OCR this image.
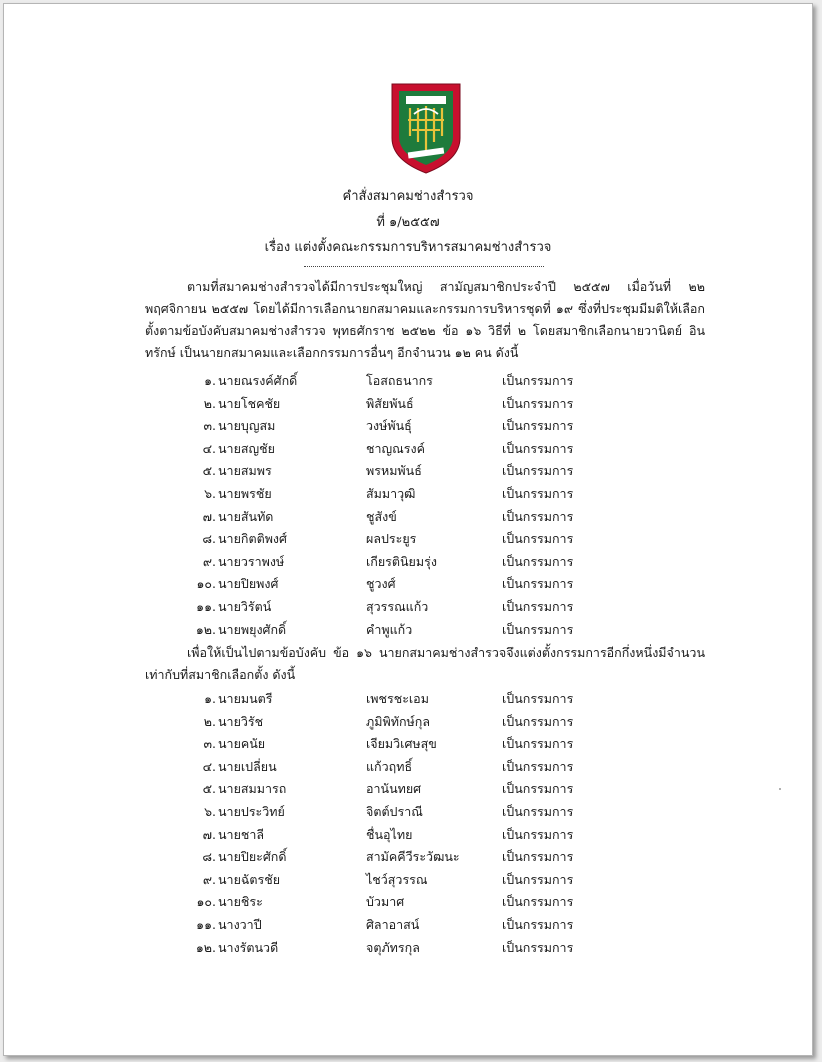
คำสั่งสมาคมช่างสำรวจ
ที่ ๑/๒๕๕๗
เรื่อง แต่งตั้งคณะกรรมการบริหารสมาคมช่างสำรวจ

ตามที่สมาคมช่างสำรวจได้มีการประชุมใหญ่ สามัญสมาชิกประจำปี ๒๕๕๗ เมื่อวันที่ ๒๒ พฤศจิกายน ๒๕๕๗ โดยได้มีการเลือกนายกสมาคมและกรรมการบริหารชุดที่ ๑๙ ซึ่งที่ประชุมมีมติให้เลือกตั้งตามข้อบังคับสมาคมช่างสำรวจ พุทธศักราช ๒๕๒๒ ข้อ ๑๖ วิธีที่ ๒ โดยสมาชิกเลือกนายวานิตย์ อินทรักษ์ เป็นนายกสมาคมและเลือกกรรมการอื่นๆ อีกจำนวน ๑๒ คน ดังนี้

๑. นายณรงค์ศักดิ์	โอสถธนากร	เป็นกรรมการ
๒. นายโชคชัย	พิสัยพันธ์	เป็นกรรมการ
๓. นายบุญสม	วงษ์พันธุ์	เป็นกรรมการ
๔. นายสญชัย	ชาญณรงค์	เป็นกรรมการ
๕. นายสมพร	พรหมพันธ์	เป็นกรรมการ
๖. นายพรชัย	สัมมาวุฒิ	เป็นกรรมการ
๗. นายสันทัด	ชูสังข์	เป็นกรรมการ
๘. นายกิตติพงศ์	ผลประยูร	เป็นกรรมการ
๙. นายวราพงษ์	เกียรตินิยมรุ่ง	เป็นกรรมการ
๑๐. นายปิยพงศ์	ชูวงศ์	เป็นกรรมการ
๑๑. นายวิรัตน์	สุวรรณแก้ว	เป็นกรรมการ
๑๒. นายพยุงศักดิ์	คำพูแก้ว	เป็นกรรมการ

เพื่อให้เป็นไปตามข้อบังคับ ข้อ ๑๖ นายกสมาคมช่างสำรวจจึงแต่งตั้งกรรมการอีกกึ่งหนึ่งมีจำนวนเท่ากับที่สมาชิกเลือกตั้ง ดังนี้

๑. นายมนตรี	เพชรชะเอม	เป็นกรรมการ
๒. นายวิรัช	ภูมิพิทักษ์กุล	เป็นกรรมการ
๓. นายคนัย	เจียมวิเศษสุข	เป็นกรรมการ
๔. นายเปลี่ยน	แก้วฤทธิ์	เป็นกรรมการ
๕. นายสมมารถ	อานันทยศ	เป็นกรรมการ
๖. นายประวิทย์	จิตต์ปราณี	เป็นกรรมการ
๗. นายชาลี	ชื่นอุไทย	เป็นกรรมการ
๘. นายปิยะศักดิ์	สามัคคีวีระวัฒนะ	เป็นกรรมการ
๙. นายฉัตรชัย	ไชว์สุวรรณ	เป็นกรรมการ
๑๐. นายชิระ	บัวมาศ	เป็นกรรมการ
๑๑. นางวาปี	ศิลาอาสน์	เป็นกรรมการ
๑๒. นางรัตนวดี	จตุภัทรกุล	เป็นกรรมการ
